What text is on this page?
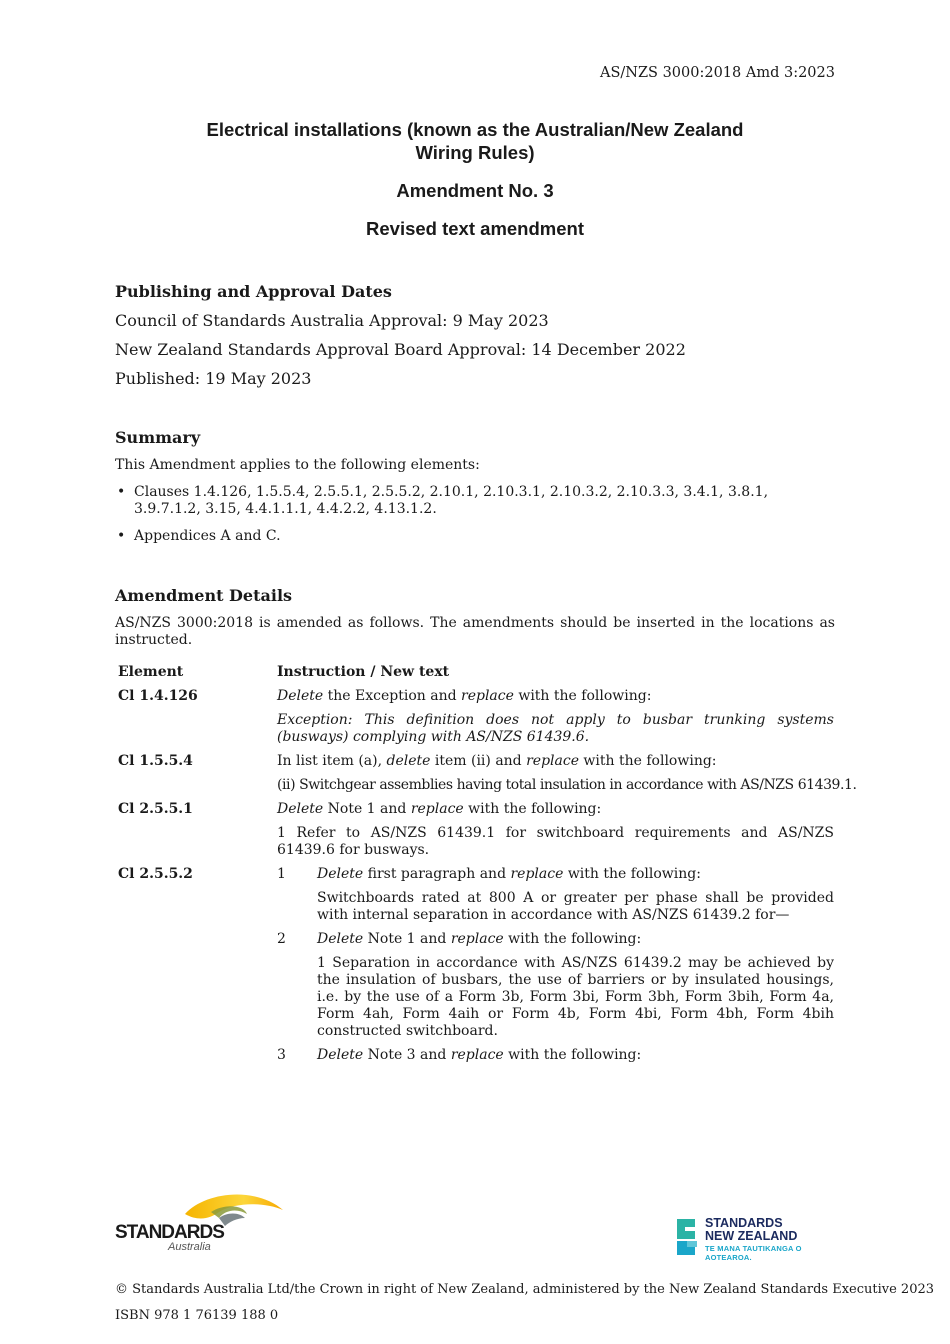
AS/NZS 3000:2018 Amd 3:2023
Electrical installations (known as the Australian/New Zealand
Wiring Rules)
Amendment No. 3
Revised text amendment
Publishing and Approval Dates
Council of Standards Australia Approval: 9 May 2023
New Zealand Standards Approval Board Approval: 14 December 2022
Published: 19 May 2023
Summary
This Amendment applies to the following elements:
• Clauses 1.4.126, 1.5.5.4, 2.5.5.1, 2.5.5.2, 2.10.1, 2.10.3.1, 2.10.3.2, 2.10.3.3, 3.4.1, 3.8.1, 3.9.7.1.2, 3.15, 4.4.1.1.1, 4.4.2.2, 4.13.1.2.
• Appendices A and C.
Amendment Details
AS/NZS 3000:2018 is amended as follows. The amendments should be inserted in the locations as instructed.
Element	Instruction / New text
Cl 1.4.126	Delete the Exception and replace with the following:
Exception: This definition does not apply to busbar trunking systems (busways) complying with AS/NZS 61439.6.
Cl 1.5.5.4	In list item (a), delete item (ii) and replace with the following:
(ii) Switchgear assemblies having total insulation in accordance with AS/NZS 61439.1.
Cl 2.5.5.1	Delete Note 1 and replace with the following:
1 Refer to AS/NZS 61439.1 for switchboard requirements and AS/NZS 61439.6 for busways.
Cl 2.5.5.2	1	Delete first paragraph and replace with the following:
Switchboards rated at 800 A or greater per phase shall be provided with internal separation in accordance with AS/NZS 61439.2 for—
2	Delete Note 1 and replace with the following:
1 Separation in accordance with AS/NZS 61439.2 may be achieved by the insulation of busbars, the use of barriers or by insulated housings, i.e. by the use of a Form 3b, Form 3bi, Form 3bh, Form 3bih, Form 4a, Form 4ah, Form 4aih or Form 4b, Form 4bi, Form 4bh, Form 4bih constructed switchboard.
3	Delete Note 3 and replace with the following:
STANDARDS
Australia
STANDARDS
NEW ZEALAND
TE MANA TAUTIKANGA O AOTEAROA.
© Standards Australia Ltd/the Crown in right of New Zealand, administered by the New Zealand Standards Executive 2023
ISBN 978 1 76139 188 0
